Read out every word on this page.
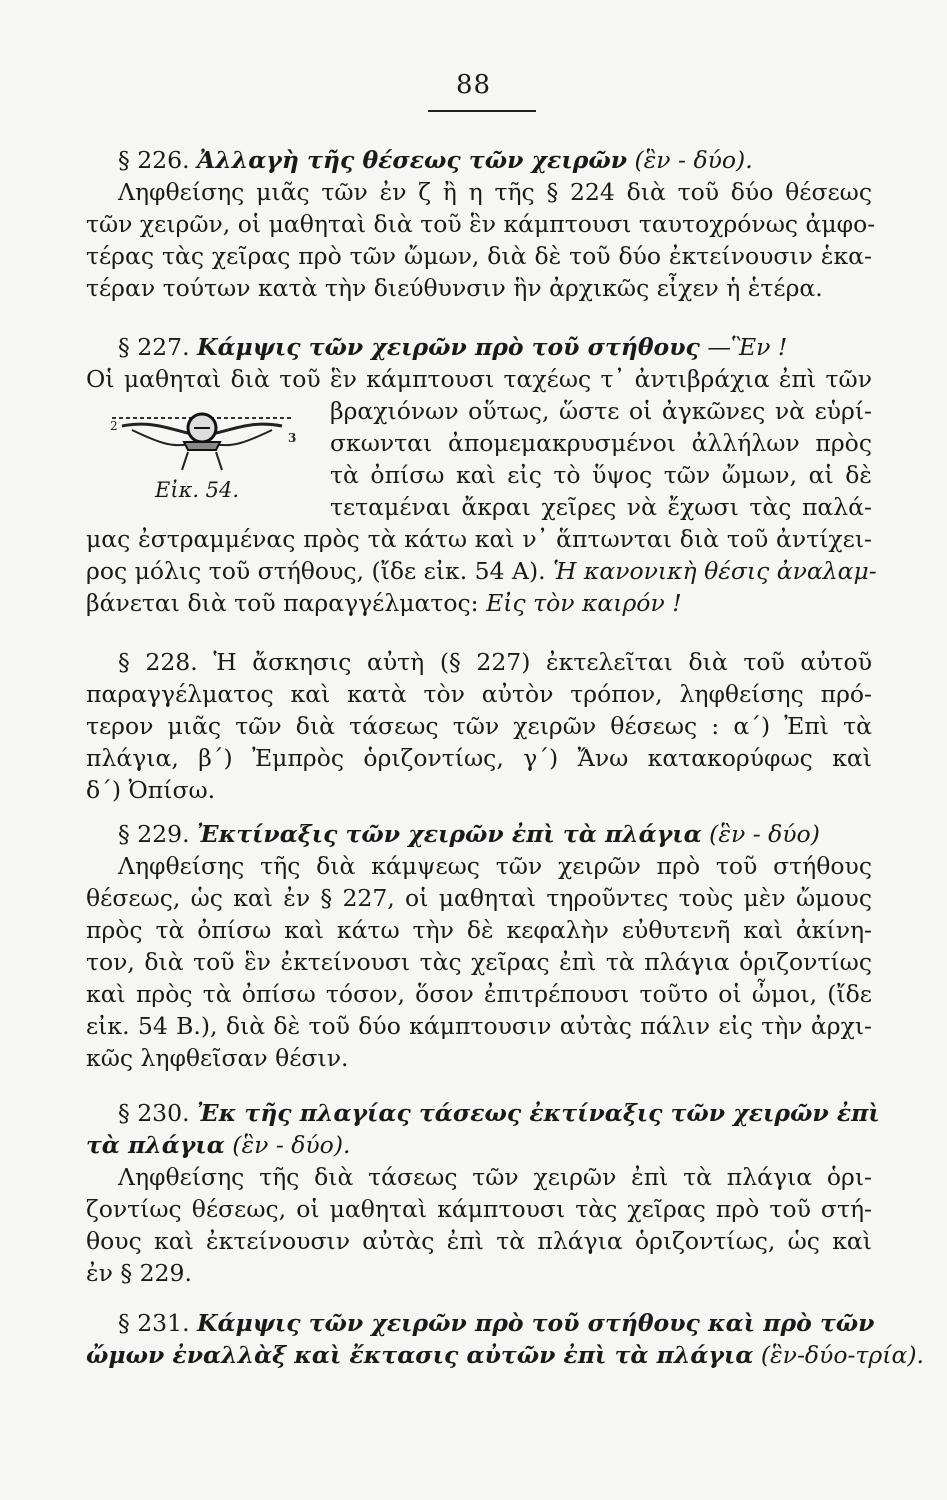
88
§ 226. Ἀλλαγὴ τῆς θέσεως τῶν χειρῶν (ἓν - δύο).
Ληφθείσης μιᾶς τῶν ἐν ζ ἢ η τῆς § 224 διὰ τοῦ δύο θέσεως
τῶν χειρῶν, οἱ μαθηταὶ διὰ τοῦ ἓν κάμπτουσι ταυτοχρόνως ἀμφο-
τέρας τὰς χεῖρας πρὸ τῶν ὤμων, διὰ δὲ τοῦ δύο ἐκτείνουσιν ἑκα-
τέραν τούτων κατὰ τὴν διεύθυνσιν ἣν ἀρχικῶς εἶχεν ἡ ἑτέρα.
§ 227. Κάμψις τῶν χειρῶν πρὸ τοῦ στήθους —Ἓν !
Οἱ μαθηταὶ διὰ τοῦ ἓν κάμπτουσι ταχέως τ᾽ ἀντιβράχια ἐπὶ τῶν
2
3
Εἰκ. 54.
βραχιόνων οὕτως, ὥστε οἱ ἀγκῶνες νὰ εὑρί-
σκωνται ἀπομεμακρυσμένοι ἀλλήλων πρὸς
τὰ ὀπίσω καὶ εἰς τὸ ὕψος τῶν ὤμων, αἱ δὲ
τεταμέναι ἄκραι χεῖρες νὰ ἔχωσι τὰς παλά-
μας ἐστραμμένας πρὸς τὰ κάτω καὶ ν᾽ ἅπτωνται διὰ τοῦ ἀντίχει-
ρος μόλις τοῦ στήθους, (ἴδε εἰκ. 54 Α). Ἡ κανονικὴ θέσις ἀναλαμ-
βάνεται διὰ τοῦ παραγγέλματος: Εἰς τὸν καιρόν !
§ 228. Ἡ ἄσκησις αὐτὴ (§ 227) ἐκτελεῖται διὰ τοῦ αὐτοῦ
παραγγέλματος καὶ κατὰ τὸν αὐτὸν τρόπον, ληφθείσης πρό-
τερον μιᾶς τῶν διὰ τάσεως τῶν χειρῶν θέσεως : α΄) Ἐπὶ τὰ
πλάγια, β΄) Ἐμπρὸς ὁριζοντίως, γ΄) Ἄνω κατακορύφως καὶ
δ΄) Ὀπίσω.
§ 229. Ἐκτίναξις τῶν χειρῶν ἐπὶ τὰ πλάγια (ἓν - δύο)
Ληφθείσης τῆς διὰ κάμψεως τῶν χειρῶν πρὸ τοῦ στήθους
θέσεως, ὡς καὶ ἐν § 227, οἱ μαθηταὶ τηροῦντες τοὺς μὲν ὤμους
πρὸς τὰ ὀπίσω καὶ κάτω τὴν δὲ κεφαλὴν εὐθυτενῆ καὶ ἀκίνη-
τον, διὰ τοῦ ἓν ἐκτείνουσι τὰς χεῖρας ἐπὶ τὰ πλάγια ὁριζοντίως
καὶ πρὸς τὰ ὀπίσω τόσον, ὅσον ἐπιτρέπουσι τοῦτο οἱ ὦμοι, (ἴδε
εἰκ. 54 Β.), διὰ δὲ τοῦ δύο κάμπτουσιν αὐτὰς πάλιν εἰς τὴν ἀρχι-
κῶς ληφθεῖσαν θέσιν.
§ 230. Ἐκ τῆς πλαγίας τάσεως ἐκτίναξις τῶν χειρῶν ἐπὶ
τὰ πλάγια (ἓν - δύο).
Ληφθείσης τῆς διὰ τάσεως τῶν χειρῶν ἐπὶ τὰ πλάγια ὁρι-
ζοντίως θέσεως, οἱ μαθηταὶ κάμπτουσι τὰς χεῖρας πρὸ τοῦ στή-
θους καὶ ἐκτείνουσιν αὐτὰς ἐπὶ τὰ πλάγια ὁριζοντίως, ὡς καὶ
ἐν § 229.
§ 231. Κάμψις τῶν χειρῶν πρὸ τοῦ στήθους καὶ πρὸ τῶν
ὤμων ἐναλλὰξ καὶ ἔκτασις αὐτῶν ἐπὶ τὰ πλάγια (ἓν-δύο-τρία).
